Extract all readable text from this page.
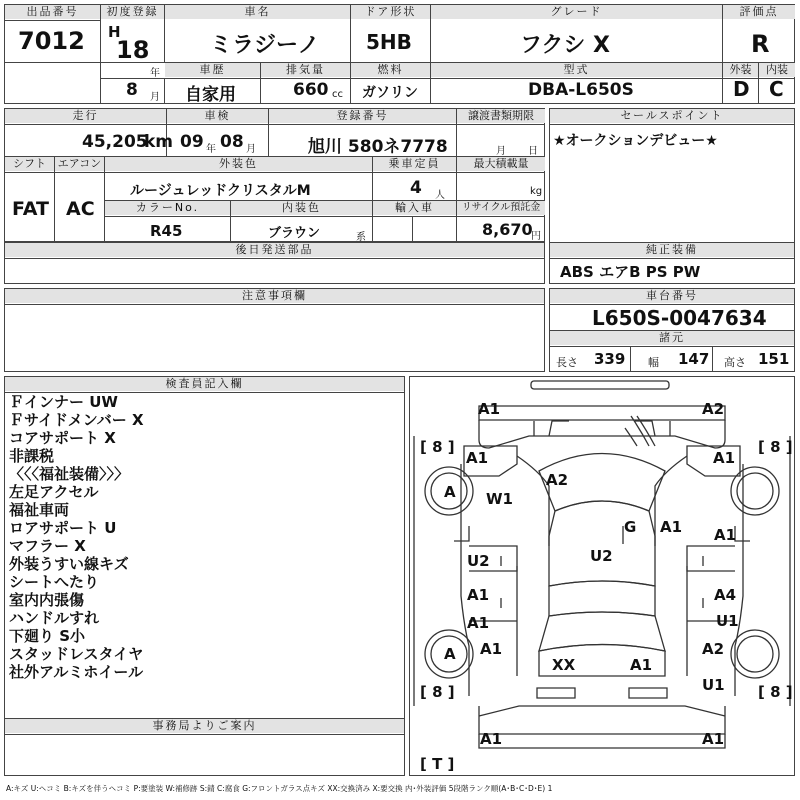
出品番号
7012
初度登録
H
18
年
8 月
車名
ミラジーノ
ドア形状
5HB
グレード
フクシ X
評価点
R
車歴
自家用
排気量
660 cc
燃料
ガソリン
型式
DBA-L650S
外装
D
内装
C
走行
45,205
km
車検
09 年 08 月
登録番号
旭川 580ネ7778
譲渡書類期限
月 日
シフト
FAT
エアコン
AC
外装色
ルージュレッドクリスタルM
乗車定員
4 人
最大積載量
kg
カラーNo.
R45
内装色
ブラウン	系
輸入車	リサイクル預託金
8,670
円
後日発送部品
セールスポイント
★オークションデビュー★
純正装備
ABS エアB PS PW
注意事項欄	車台番号
L650S-0047634
諸元
長さ 339 幅 147 高さ 151
検査員記入欄
Ｆインナー UW
Ｆサイドメンバー X
コアサポート X
非課税
〈〈〈福祉装備〉〉〉
左足アクセル
福祉車両
ロアサポート U
マフラー X
外装うすい線キズ
シートへたり
室内内張傷
ハンドルすれ
下廻り S小
スタッドレスタイヤ
社外アルミホイール
事務局よりご案内
[ 8 ]	[ 8 ]
[ 8 ]	[ 8 ]
[ T ]
A1	A2
A1	A1
A W1
A2
G A1 A1
U2	U2
A1	A4
U1
A1
A1
A
XX	A1
A2
U1
A1	A1
A:キズ U:ヘコミ B:キズを伴うヘコミ P:要塗装 W:補修跡 S:錆 C:腐食 G:フロントガラス点キズ XX:交換済み X:要交換 内･外装評価 5段階ランク順(A･B･C･D･E) 1
